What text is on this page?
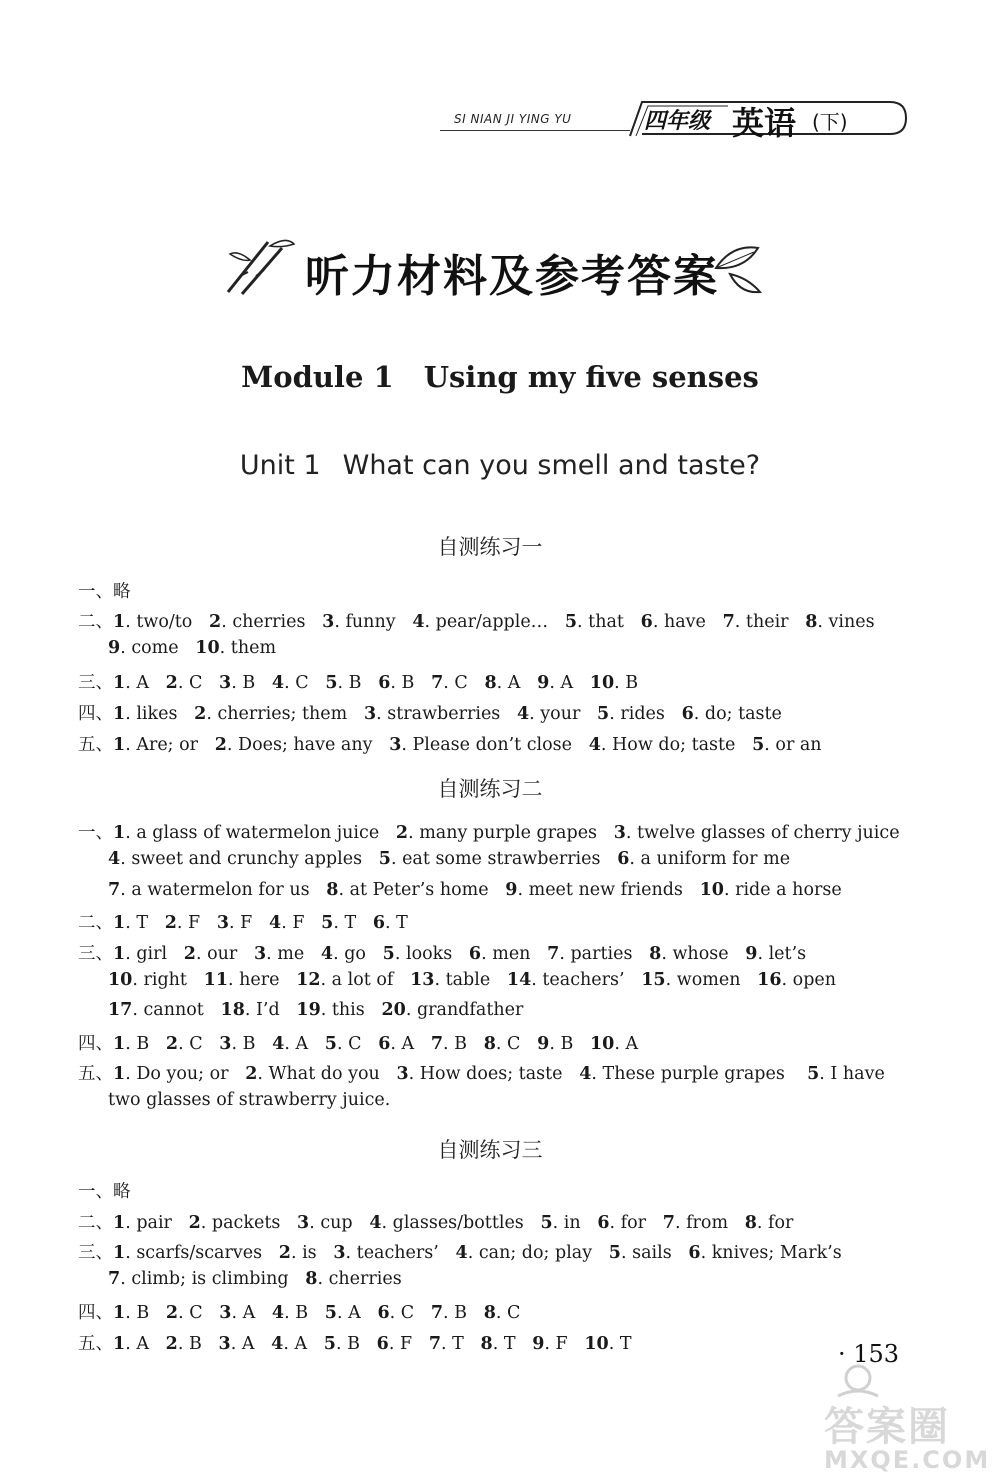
SI NIAN JI YING YU	四年级 英语 (下)
听力材料及参考答案
Module 1 Using my five senses
Unit 1 What can you smell and taste?
自测练习一
一、略
二、1. two/to   2. cherries   3. funny   4. pear/apple…   5. that   6. have   7. their   8. vines
9. come   10. them
三、1. A   2. C   3. B   4. C   5. B   6. B   7. C   8. A   9. A   10. B
四、1. likes   2. cherries; them   3. strawberries   4. your   5. rides   6. do; taste
五、1. Are; or   2. Does; have any   3. Please don’t close   4. How do; taste   5. or an
自测练习二
一、1. a glass of watermelon juice   2. many purple grapes   3. twelve glasses of cherry juice
4. sweet and crunchy apples   5. eat some strawberries   6. a uniform for me
7. a watermelon for us   8. at Peter’s home   9. meet new friends   10. ride a horse
二、1. T   2. F   3. F   4. F   5. T   6. T
三、1. girl   2. our   3. me   4. go   5. looks   6. men   7. parties   8. whose   9. let’s
10. right   11. here   12. a lot of   13. table   14. teachers’   15. women   16. open
17. cannot   18. I’d   19. this   20. grandfather
四、1. B   2. C   3. B   4. A   5. C   6. A   7. B   8. C   9. B   10. A
五、1. Do you; or   2. What do you   3. How does; taste   4. These purple grapes    5. I have
two glasses of strawberry juice.
自测练习三
一、略
二、1. pair   2. packets   3. cup   4. glasses/bottles   5. in   6. for   7. from   8. for
三、1. scarfs/scarves   2. is   3. teachers’   4. can; do; play   5. sails   6. knives; Mark’s
7. climb; is climbing   8. cherries
四、1. B   2. C   3. A   4. B   5. A   6. C   7. B   8. C
五、1. A   2. B   3. A   4. A   5. B   6. F   7. T   8. T   9. F   10. T	· 153
答案圈
MXQE.COM
